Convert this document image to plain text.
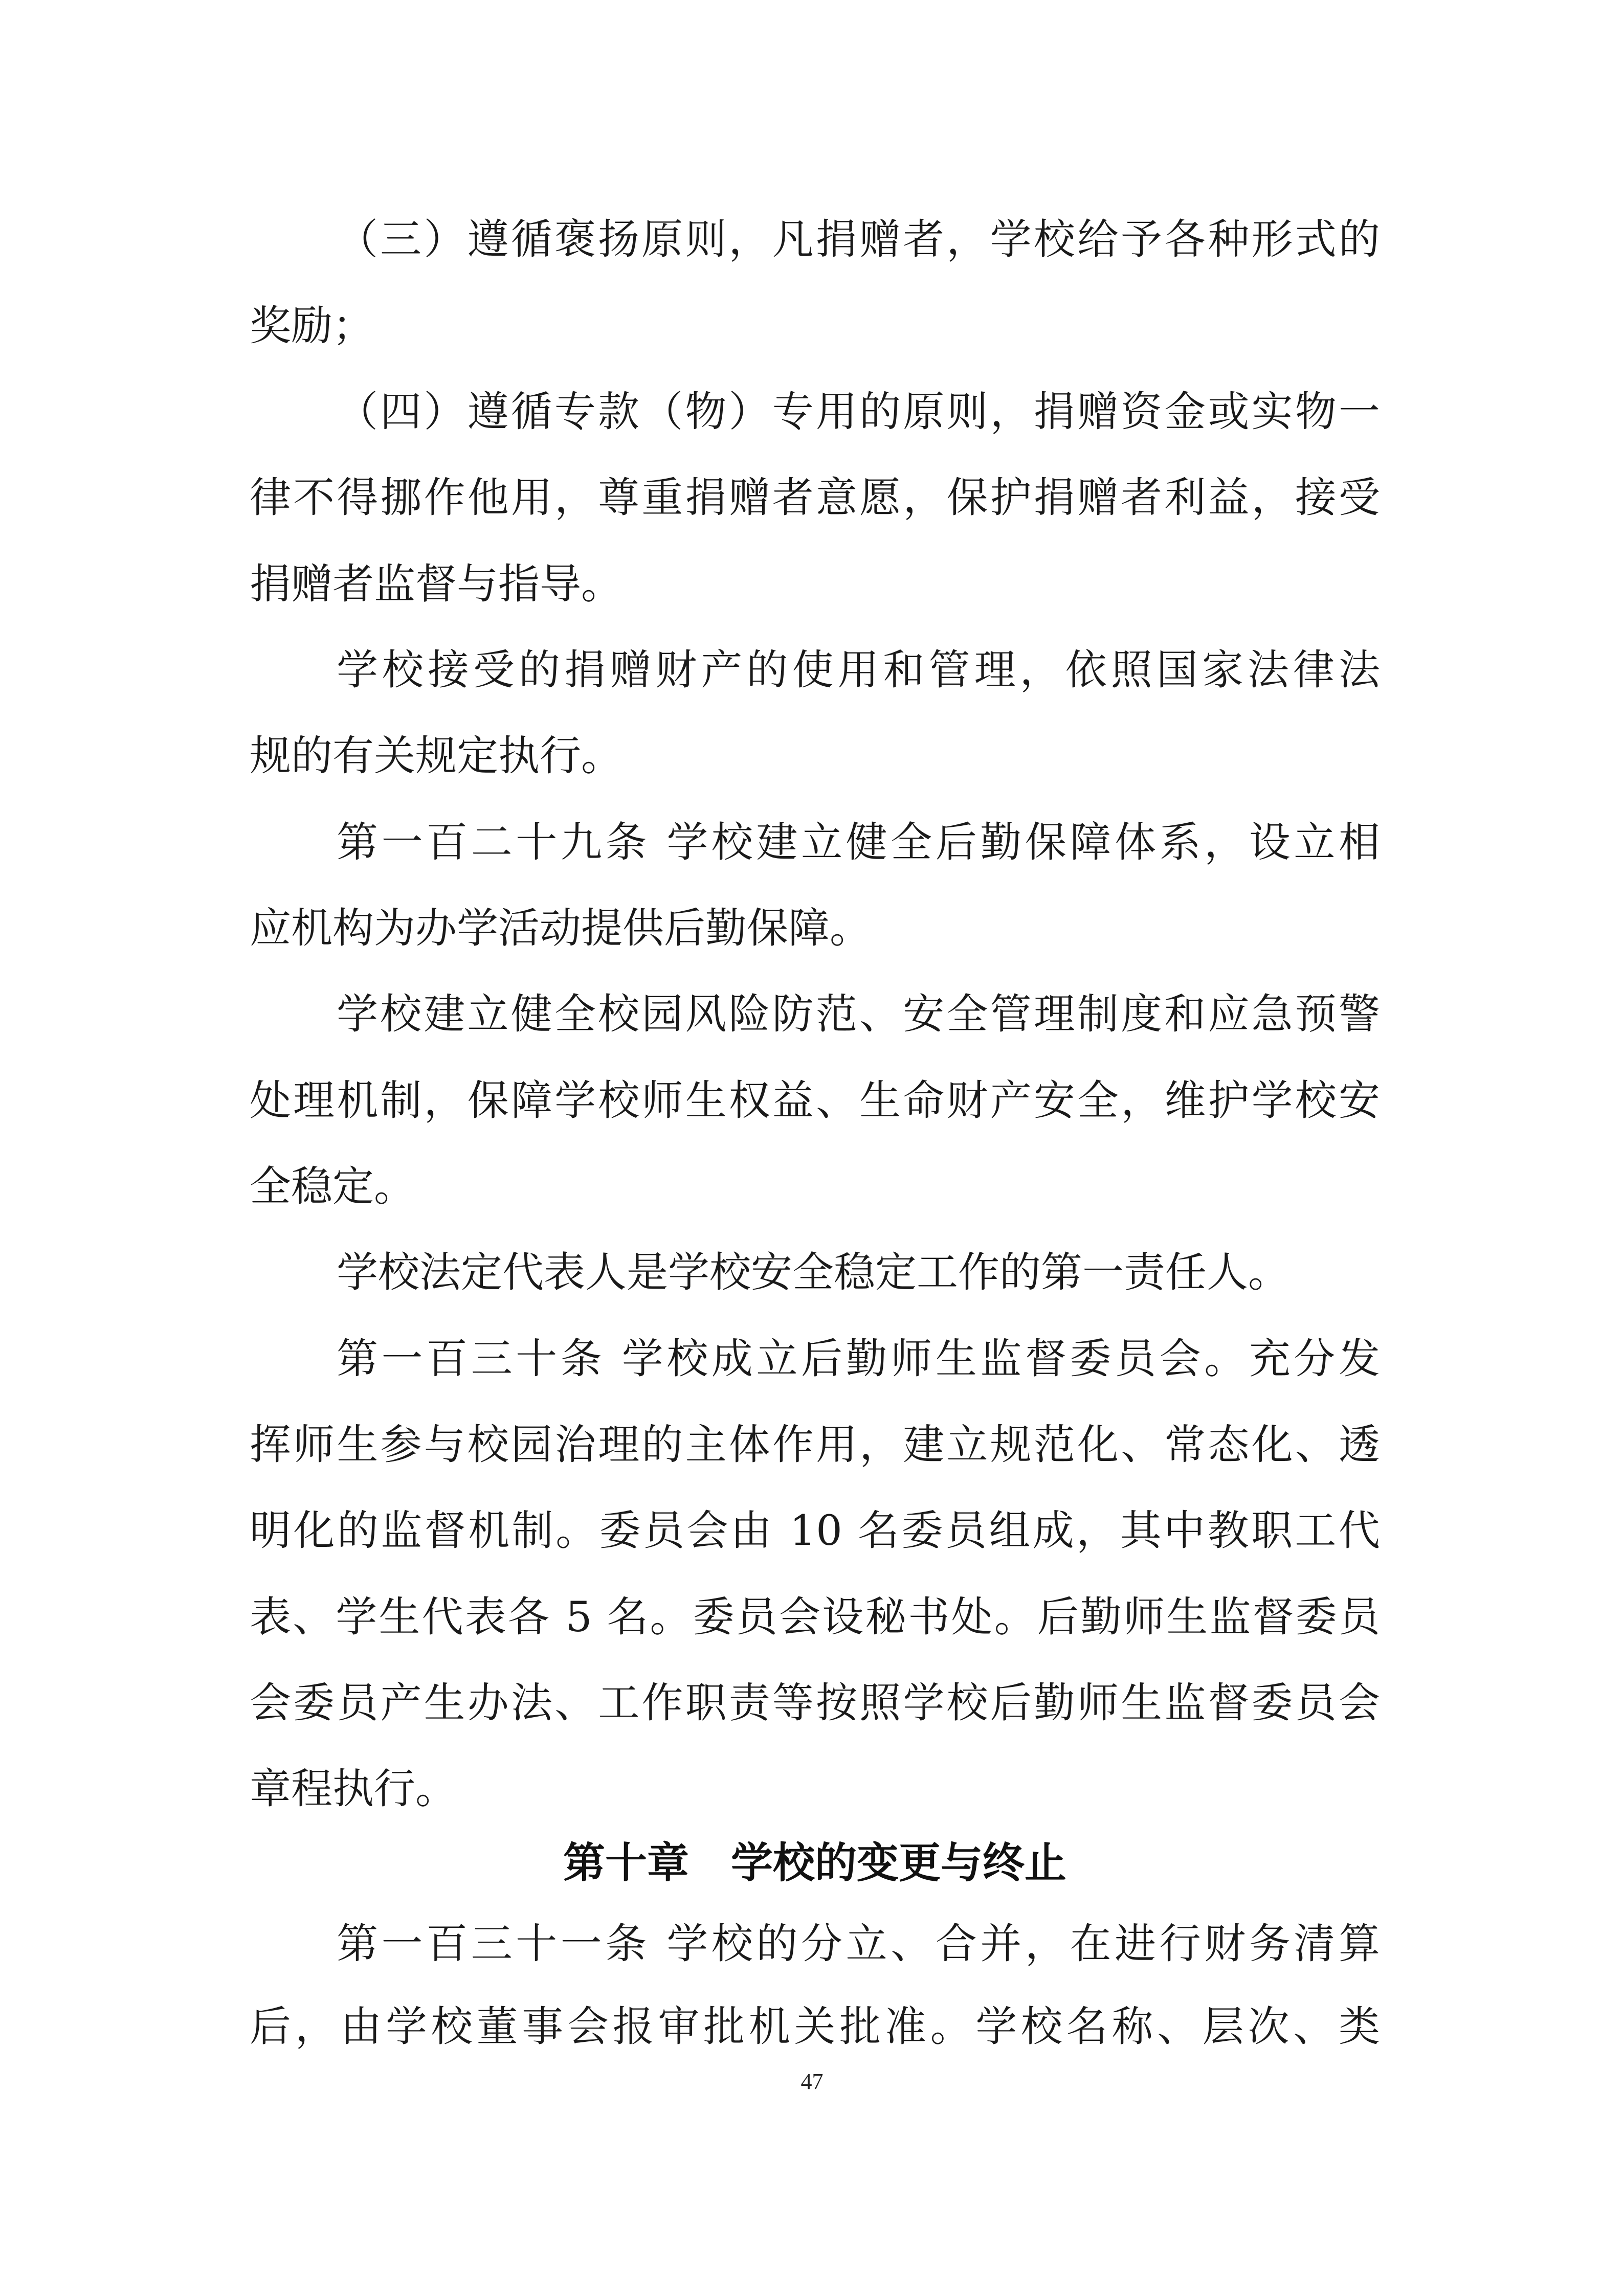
（三）遵循褒扬原则，凡捐赠者，学校给予各种形式的
奖励；
（四）遵循专款（物）专用的原则，捐赠资金或实物一
律不得挪作他用，尊重捐赠者意愿，保护捐赠者利益，接受
捐赠者监督与指导。
学校接受的捐赠财产的使用和管理，依照国家法律法
规的有关规定执行。
第一百二十九条 学校建立健全后勤保障体系，设立相
应机构为办学活动提供后勤保障。
学校建立健全校园风险防范、安全管理制度和应急预警
处理机制，保障学校师生权益、生命财产安全，维护学校安
全稳定。
学校法定代表人是学校安全稳定工作的第一责任人。
第一百三十条 学校成立后勤师生监督委员会。充分发
挥师生参与校园治理的主体作用，建立规范化、常态化、透
明化的监督机制。委员会由 10 名委员组成，其中教职工代
表、学生代表各 5 名。委员会设秘书处。后勤师生监督委员
会委员产生办法、工作职责等按照学校后勤师生监督委员会
章程执行。
第十章　学校的变更与终止
第一百三十一条 学校的分立、合并，在进行财务清算
后，由学校董事会报审批机关批准。学校名称、层次、类
47
